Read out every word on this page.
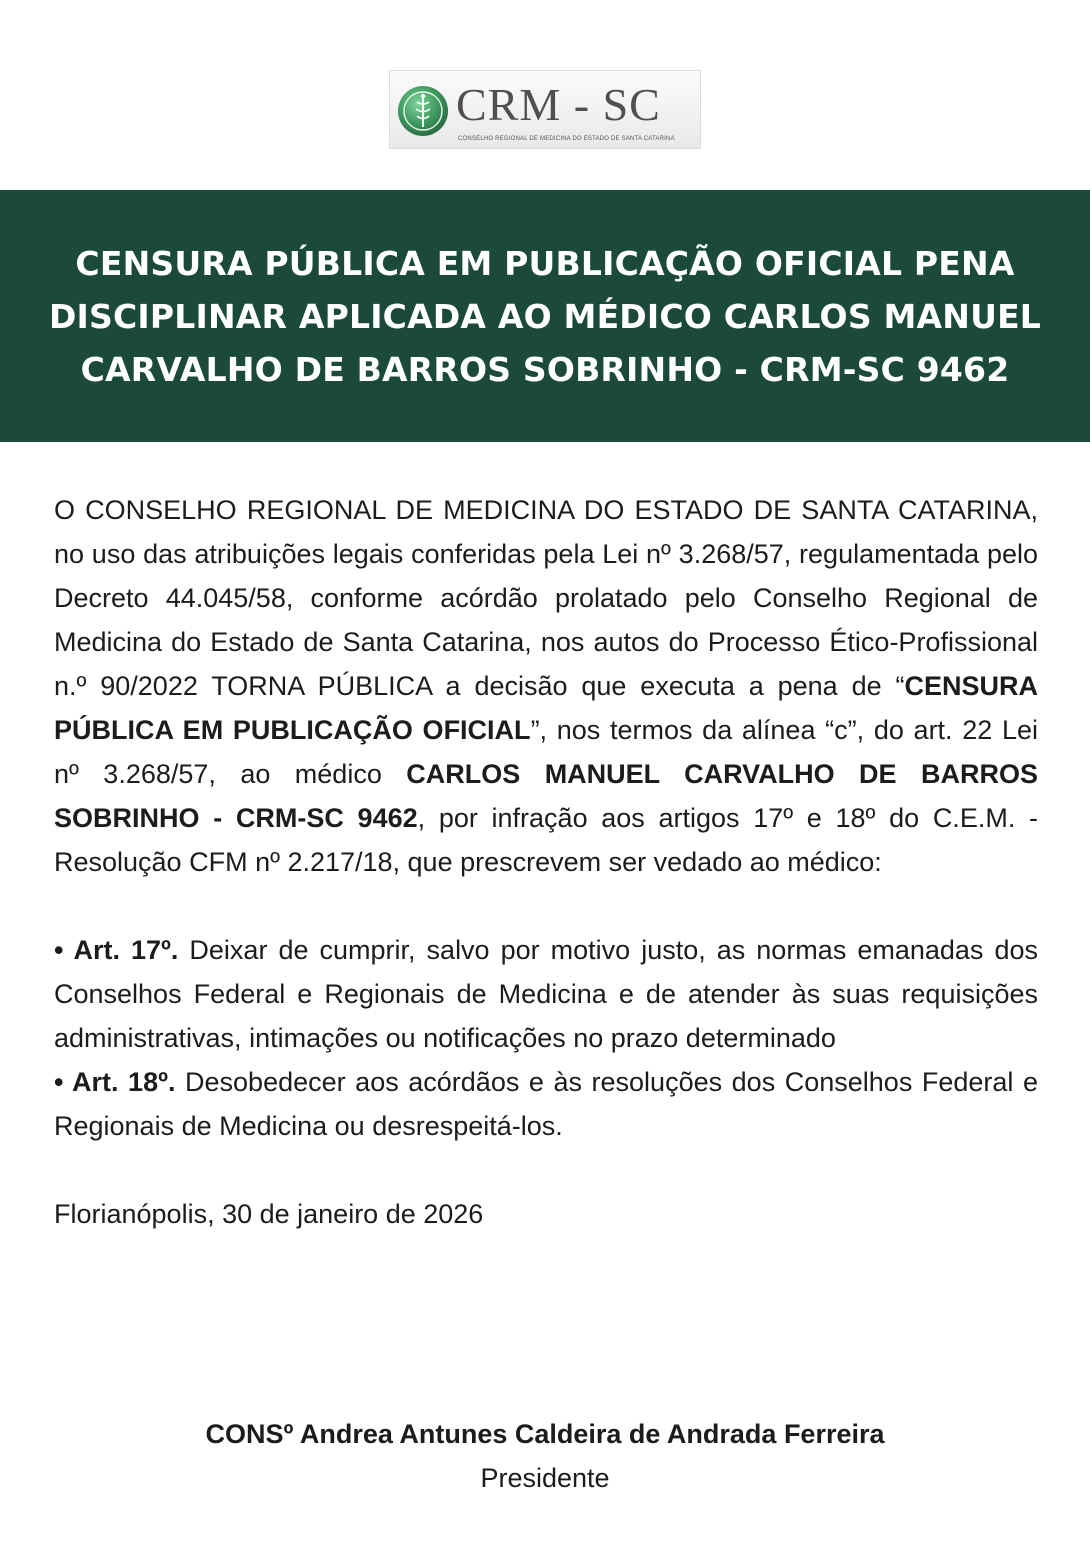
CRM - SC
CONSELHO REGIONAL DE MEDICINA DO ESTADO DE SANTA CATARINA
CENSURA PÚBLICA EM PUBLICAÇÃO OFICIAL PENA DISCIPLINAR APLICADA AO MÉDICO CARLOS MANUEL CARVALHO DE BARROS SOBRINHO - CRM-SC 9462

O CONSELHO REGIONAL DE MEDICINA DO ESTADO DE SANTA CATARINA, no uso das atribuições legais conferidas pela Lei nº 3.268/57, regulamentada pelo Decreto 44.045/58, conforme acórdão prolatado pelo Conselho Regional de Medicina do Estado de Santa Catarina, nos autos do Processo Ético-Profissional n.º 90/2022 TORNA PÚBLICA a decisão que executa a pena de “CENSURA PÚBLICA EM PUBLICAÇÃO OFICIAL”, nos termos da alínea “c”, do art. 22 Lei nº 3.268/57, ao médico CARLOS MANUEL CARVALHO DE BARROS SOBRINHO - CRM-SC 9462, por infração aos artigos 17º e 18º do C.E.M. - Resolução CFM nº 2.217/18, que prescrevem ser vedado ao médico:

• Art. 17º. Deixar de cumprir, salvo por motivo justo, as normas emanadas dos Conselhos Federal e Regionais de Medicina e de atender às suas requisições administrativas, intimações ou notificações no prazo determinado

• Art. 18º. Desobedecer aos acórdãos e às resoluções dos Conselhos Federal e Regionais de Medicina ou desrespeitá-los.

Florianópolis, 30 de janeiro de 2026

CONSº Andrea Antunes Caldeira de Andrada Ferreira
Presidente
